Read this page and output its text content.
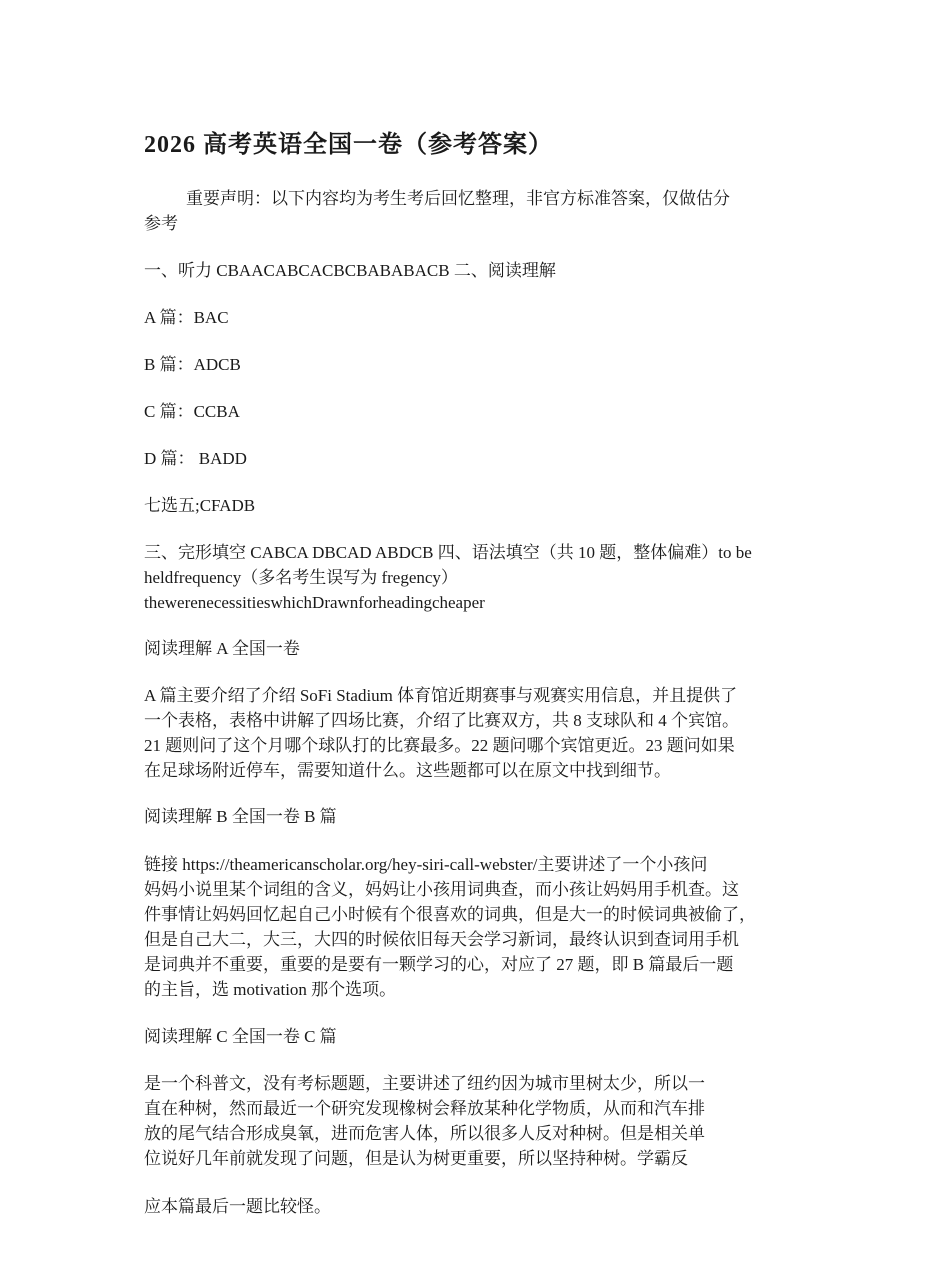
2026 高考英语全国一卷（参考答案）
重要声明：以下内容均为考生考后回忆整理，非官方标准答案，仅做估分
参考
一、听力 CBAACABCACBCBABABACB 二、阅读理解
A 篇：BAC
B 篇：ADCB
C 篇：CCBA
D 篇： BADD
七选五;CFADB
三、完形填空 CABCA DBCAD ABDCB 四、语法填空（共 10 题，整体偏难）to be
heldfrequency（多名考生误写为 fregency）
thewerenecessitieswhichDrawnforheadingcheaper
阅读理解 A 全国一卷
A 篇主要介绍了介绍 SoFi Stadium 体育馆近期赛事与观赛实用信息，并且提供了
一个表格，表格中讲解了四场比赛，介绍了比赛双方，共 8 支球队和 4 个宾馆。
21 题则问了这个月哪个球队打的比赛最多。22 题问哪个宾馆更近。23 题问如果
在足球场附近停车，需要知道什么。这些题都可以在原文中找到细节。
阅读理解 B 全国一卷 B 篇
链接 https://theamericanscholar.org/hey-siri-call-webster/主要讲述了一个小孩问
妈妈小说里某个词组的含义，妈妈让小孩用词典查，而小孩让妈妈用手机查。这
件事情让妈妈回忆起自己小时候有个很喜欢的词典，但是大一的时候词典被偷了，
但是自己大二，大三，大四的时候依旧每天会学习新词，最终认识到查词用手机
是词典并不重要，重要的是要有一颗学习的心，对应了 27 题，即 B 篇最后一题
的主旨，选 motivation 那个选项。
阅读理解 C 全国一卷 C 篇
是一个科普文，没有考标题题，主要讲述了纽约因为城市里树太少，所以一
直在种树，然而最近一个研究发现橡树会释放某种化学物质，从而和汽车排
放的尾气结合形成臭氧，进而危害人体，所以很多人反对种树。但是相关单
位说好几年前就发现了问题，但是认为树更重要，所以坚持种树。学霸反
应本篇最后一题比较怪。
